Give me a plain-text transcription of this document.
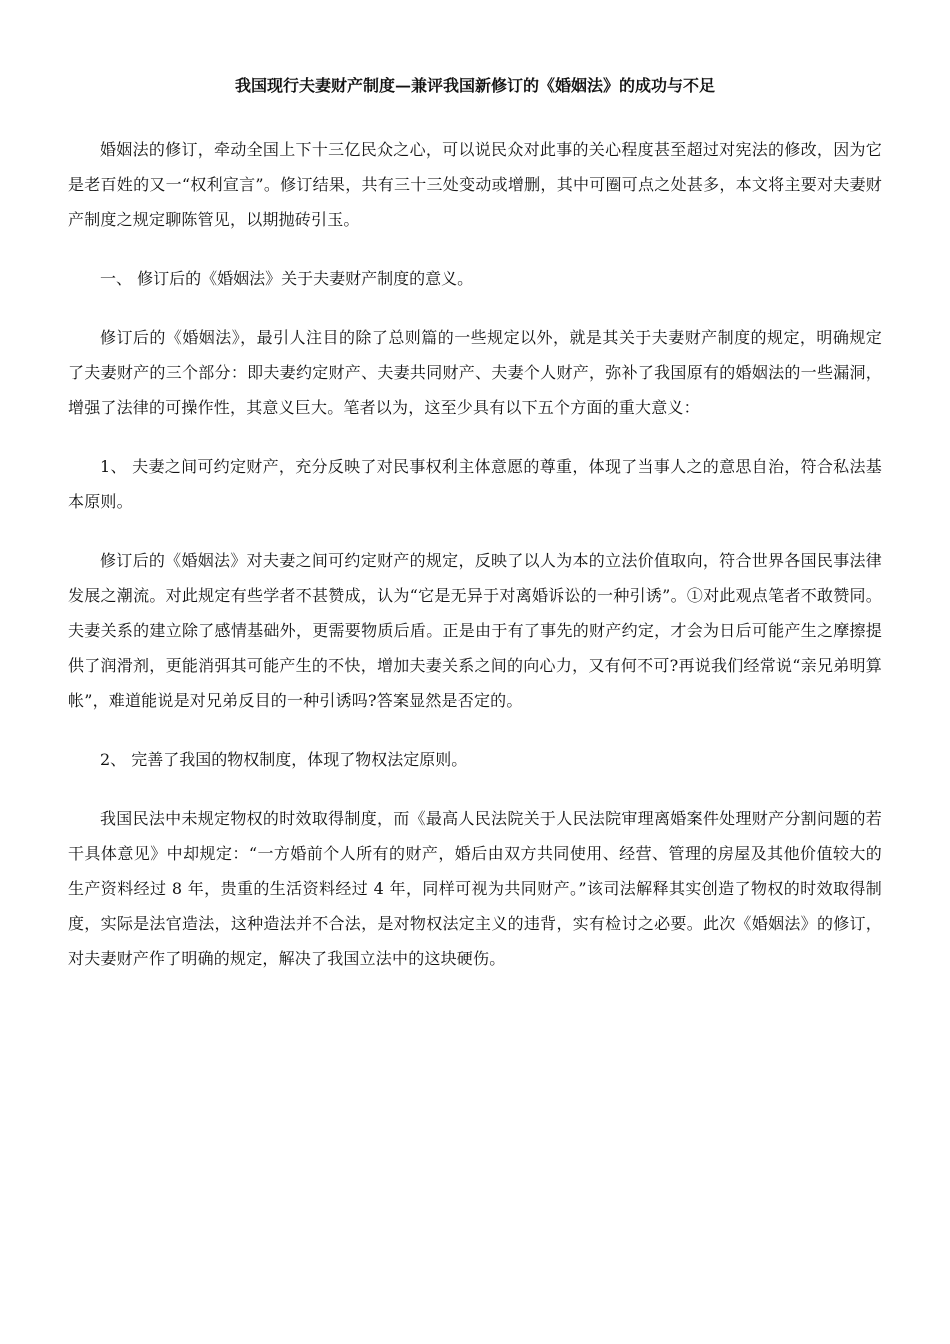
我国现行夫妻财产制度—兼评我国新修订的《婚姻法》的成功与不足

婚姻法的修订，牵动全国上下十三亿民众之心，可以说民众对此事的关心程度甚至超过对宪法的修改，因为它是老百姓的又一“权利宣言”。修订结果，共有三十三处变动或增删，其中可圈可点之处甚多，本文将主要对夫妻财产制度之规定聊陈管见，以期抛砖引玉。

一、 修订后的《婚姻法》关于夫妻财产制度的意义。

修订后的《婚姻法》，最引人注目的除了总则篇的一些规定以外，就是其关于夫妻财产制度的规定，明确规定了夫妻财产的三个部分：即夫妻约定财产、夫妻共同财产、夫妻个人财产，弥补了我国原有的婚姻法的一些漏洞，增强了法律的可操作性，其意义巨大。笔者以为，这至少具有以下五个方面的重大意义：

1、 夫妻之间可约定财产，充分反映了对民事权利主体意愿的尊重，体现了当事人之的意思自治，符合私法基本原则。

修订后的《婚姻法》对夫妻之间可约定财产的规定，反映了以人为本的立法价值取向，符合世界各国民事法律发展之潮流。对此规定有些学者不甚赞成，认为“它是无异于对离婚诉讼的一种引诱”。①对此观点笔者不敢赞同。夫妻关系的建立除了感情基础外，更需要物质后盾。正是由于有了事先的财产约定，才会为日后可能产生之摩擦提供了润滑剂，更能消弭其可能产生的不快，增加夫妻关系之间的向心力，又有何不可?再说我们经常说“亲兄弟明算帐”，难道能说是对兄弟反目的一种引诱吗?答案显然是否定的。

2、 完善了我国的物权制度，体现了物权法定原则。

我国民法中未规定物权的时效取得制度，而《最高人民法院关于人民法院审理离婚案件处理财产分割问题的若干具体意见》中却规定：“一方婚前个人所有的财产，婚后由双方共同使用、经营、管理的房屋及其他价值较大的生产资料经过 8 年，贵重的生活资料经过 4 年，同样可视为共同财产。”该司法解释其实创造了物权的时效取得制度，实际是法官造法，这种造法并不合法，是对物权法定主义的违背，实有检讨之必要。此次《婚姻法》的修订，对夫妻财产作了明确的规定，解决了我国立法中的这块硬伤。
